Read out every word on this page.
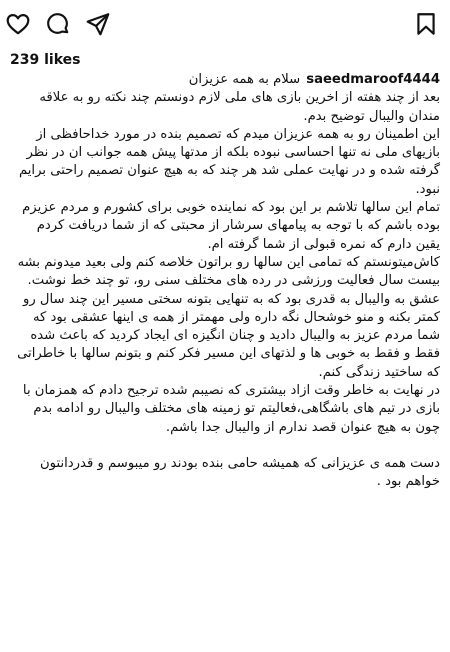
239 likes

saeedmaroof4444سلام به همه عزیزان

بعد از چند هفته از اخرین بازی های ملی لازم دونستم چند نکته رو به علاقه مندان والیبال توضیح بدم.

این اطمینان رو به همه عزیزان میدم که تصمیم بنده در مورد خداحافظی از بازیهای ملی نه تنها احساسی نبوده بلکه از مدتها پیش همه جوانب ان در نظر گرفته شده و در نهایت عملی شد هر چند که به هیچ عنوان تصمیم راحتی برایم نبود.

تمام این سالها تلاشم بر این بود که نماینده خوبی برای کشورم و مردم عزیزم بوده باشم که با توجه به پیامهای سرشار از محبتی که از شما دریافت کردم یقین دارم که نمره قبولی از شما گرفته ام.

کاش‌میتونستم که تمامی این سالها رو براتون خلاصه کنم ولی بعید میدونم بشه بیست سال فعالیت ورزشی در رده های مختلف سنی رو، تو چند خط نوشت.

عشق به والیبال به قدری بود که به تنهایی بتونه سختی مسیر این چند سال رو کمتر بکنه و منو خوشحال نگه داره ولی مهمتر از همه ی اینها عشقی بود که شما مردم عزیز به والیبال دادید و چنان انگیزه ای ایجاد کردید که باعث شده فقط و فقط به خوبی ها و لذتهای این مسیر فکر کنم و بتونم سالها با خاطراتی که ساختید زندگی کنم.

در نهایت به خاطر وقت ازاد بیشتری که نصیبم شده ترجیح دادم که همزمان با بازی در تیم های باشگاهی،فعالیتم تو زمینه های مختلف والیبال رو ادامه بدم چون به هیچ عنوان قصد ندارم از والیبال جدا باشم.

دست همه ی عزیزانی که همیشه حامی بنده بودند رو میبوسم و قدردانتون خواهم بود .
